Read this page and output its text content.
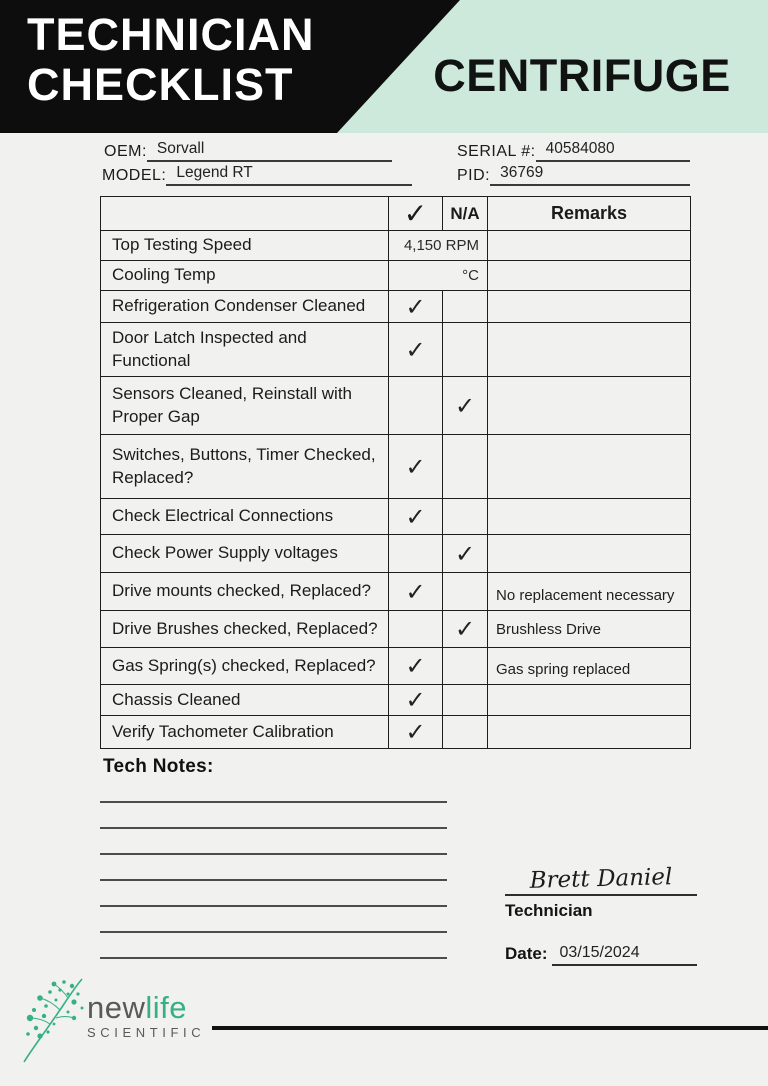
TECHNICIAN
CHECKLIST	CENTRIFUGE
OEM: Sorvall
MODEL: Legend RT
SERIAL #: 40584080
PID: 36769
	✓	N/A	Remarks
Top Testing Speed	4,150 RPM		
Cooling Temp	°C		
Refrigeration Condenser Cleaned	✓		
Door Latch Inspected and Functional	✓		
Sensors Cleaned, Reinstall with Proper Gap		✓	
Switches, Buttons, Timer Checked, Replaced?	✓		
Check Electrical Connections	✓		
Check Power Supply voltages		✓	
Drive mounts checked, Replaced?	✓		No replacement necessary
Drive Brushes checked, Replaced?		✓	Brushless Drive
Gas Spring(s) checked, Replaced?	✓		Gas spring replaced
Chassis Cleaned	✓		
Verify Tachometer Calibration	✓		
Tech Notes:
Brett Daniel
Technician
Date: 03/15/2024
newlife
SCIENTIFIC
